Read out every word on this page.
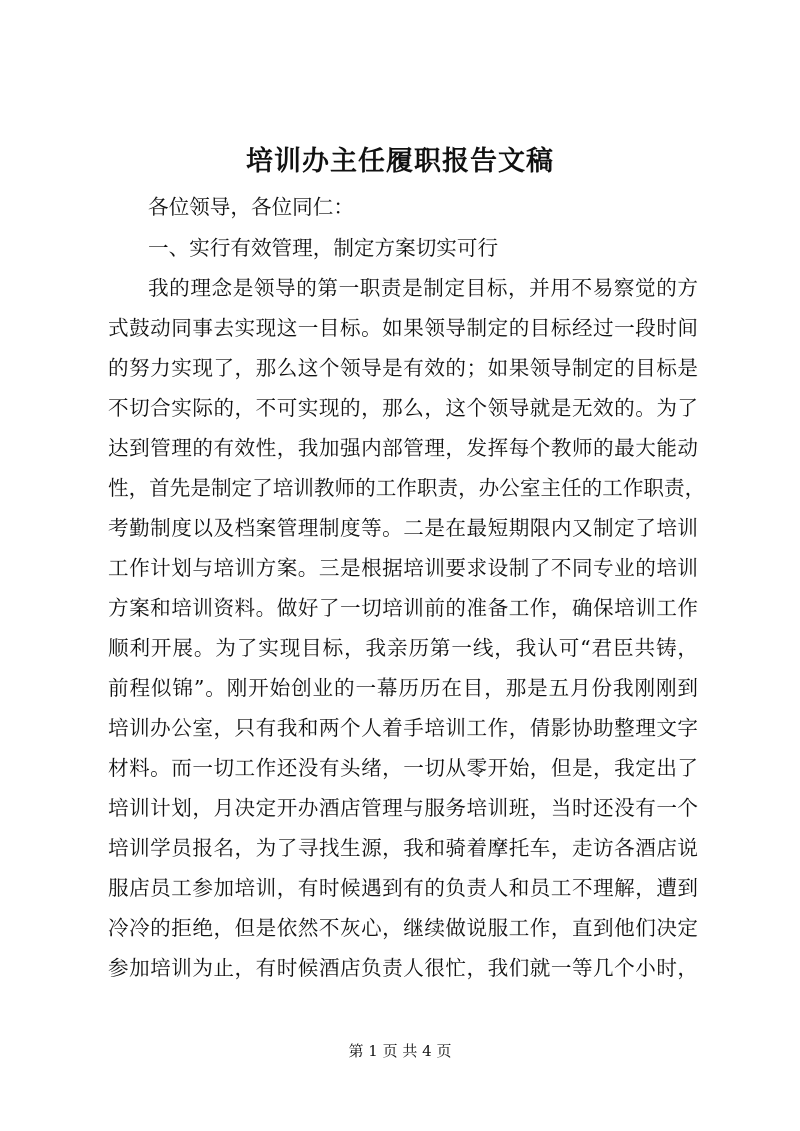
培训办主任履职报告文稿
各位领导，各位同仁：
一、实行有效管理，制定方案切实可行
我的理念是领导的第一职责是制定目标，并用不易察觉的方
式鼓动同事去实现这一目标。如果领导制定的目标经过一段时间
的努力实现了，那么这个领导是有效的；如果领导制定的目标是
不切合实际的，不可实现的，那么，这个领导就是无效的。为了
达到管理的有效性，我加强内部管理，发挥每个教师的最大能动
性，首先是制定了培训教师的工作职责，办公室主任的工作职责，
考勤制度以及档案管理制度等。二是在最短期限内又制定了培训
工作计划与培训方案。三是根据培训要求设制了不同专业的培训
方案和培训资料。做好了一切培训前的准备工作，确保培训工作
顺利开展。为了实现目标，我亲历第一线，我认可“君臣共铸，
前程似锦”。刚开始创业的一幕历历在目，那是五月份我刚刚到
培训办公室，只有我和两个人着手培训工作，倩影协助整理文字
材料。而一切工作还没有头绪，一切从零开始，但是，我定出了
培训计划，月决定开办酒店管理与服务培训班，当时还没有一个
培训学员报名，为了寻找生源，我和骑着摩托车，走访各酒店说
服店员工参加培训，有时候遇到有的负责人和员工不理解，遭到
冷冷的拒绝，但是依然不灰心，继续做说服工作，直到他们决定
参加培训为止，有时候酒店负责人很忙，我们就一等几个小时，
第 1 页 共 4 页
